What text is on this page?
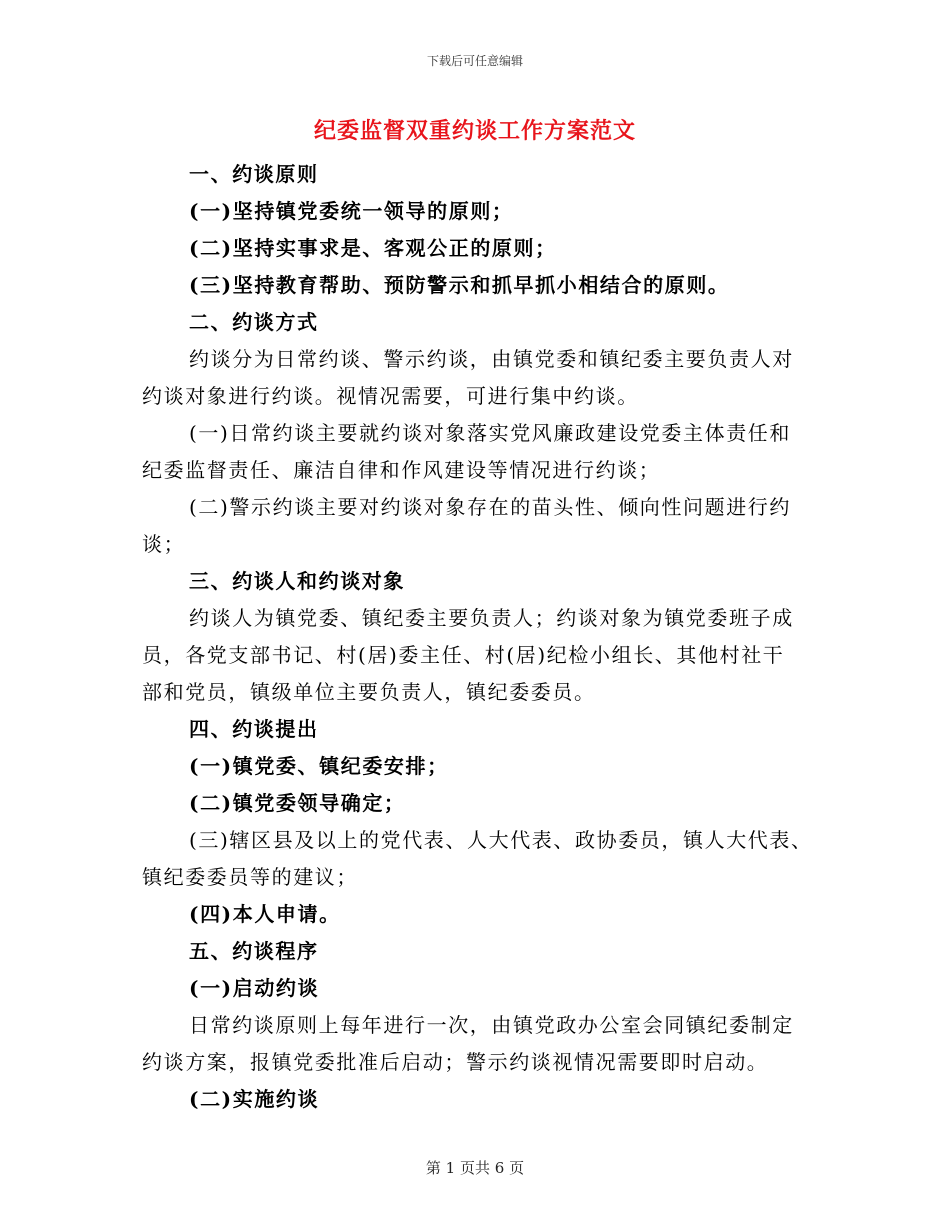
下载后可任意编辑
纪委监督双重约谈工作方案范文
一、约谈原则
(一)坚持镇党委统一领导的原则；
(二)坚持实事求是、客观公正的原则；
(三)坚持教育帮助、预防警示和抓早抓小相结合的原则。
二、约谈方式
约谈分为日常约谈、警示约谈，由镇党委和镇纪委主要负责人对
约谈对象进行约谈。视情况需要，可进行集中约谈。
(一)日常约谈主要就约谈对象落实党风廉政建设党委主体责任和
纪委监督责任、廉洁自律和作风建设等情况进行约谈；
(二)警示约谈主要对约谈对象存在的苗头性、倾向性问题进行约
谈；
三、约谈人和约谈对象
约谈人为镇党委、镇纪委主要负责人；约谈对象为镇党委班子成
员，各党支部书记、村(居)委主任、村(居)纪检小组长、其他村社干
部和党员，镇级单位主要负责人，镇纪委委员。
四、约谈提出
(一)镇党委、镇纪委安排；
(二)镇党委领导确定；
(三)辖区县及以上的党代表、人大代表、政协委员，镇人大代表、
镇纪委委员等的建议；
(四)本人申请。
五、约谈程序
(一)启动约谈
日常约谈原则上每年进行一次，由镇党政办公室会同镇纪委制定
约谈方案，报镇党委批准后启动；警示约谈视情况需要即时启动。
(二)实施约谈
第 1 页共 6 页
